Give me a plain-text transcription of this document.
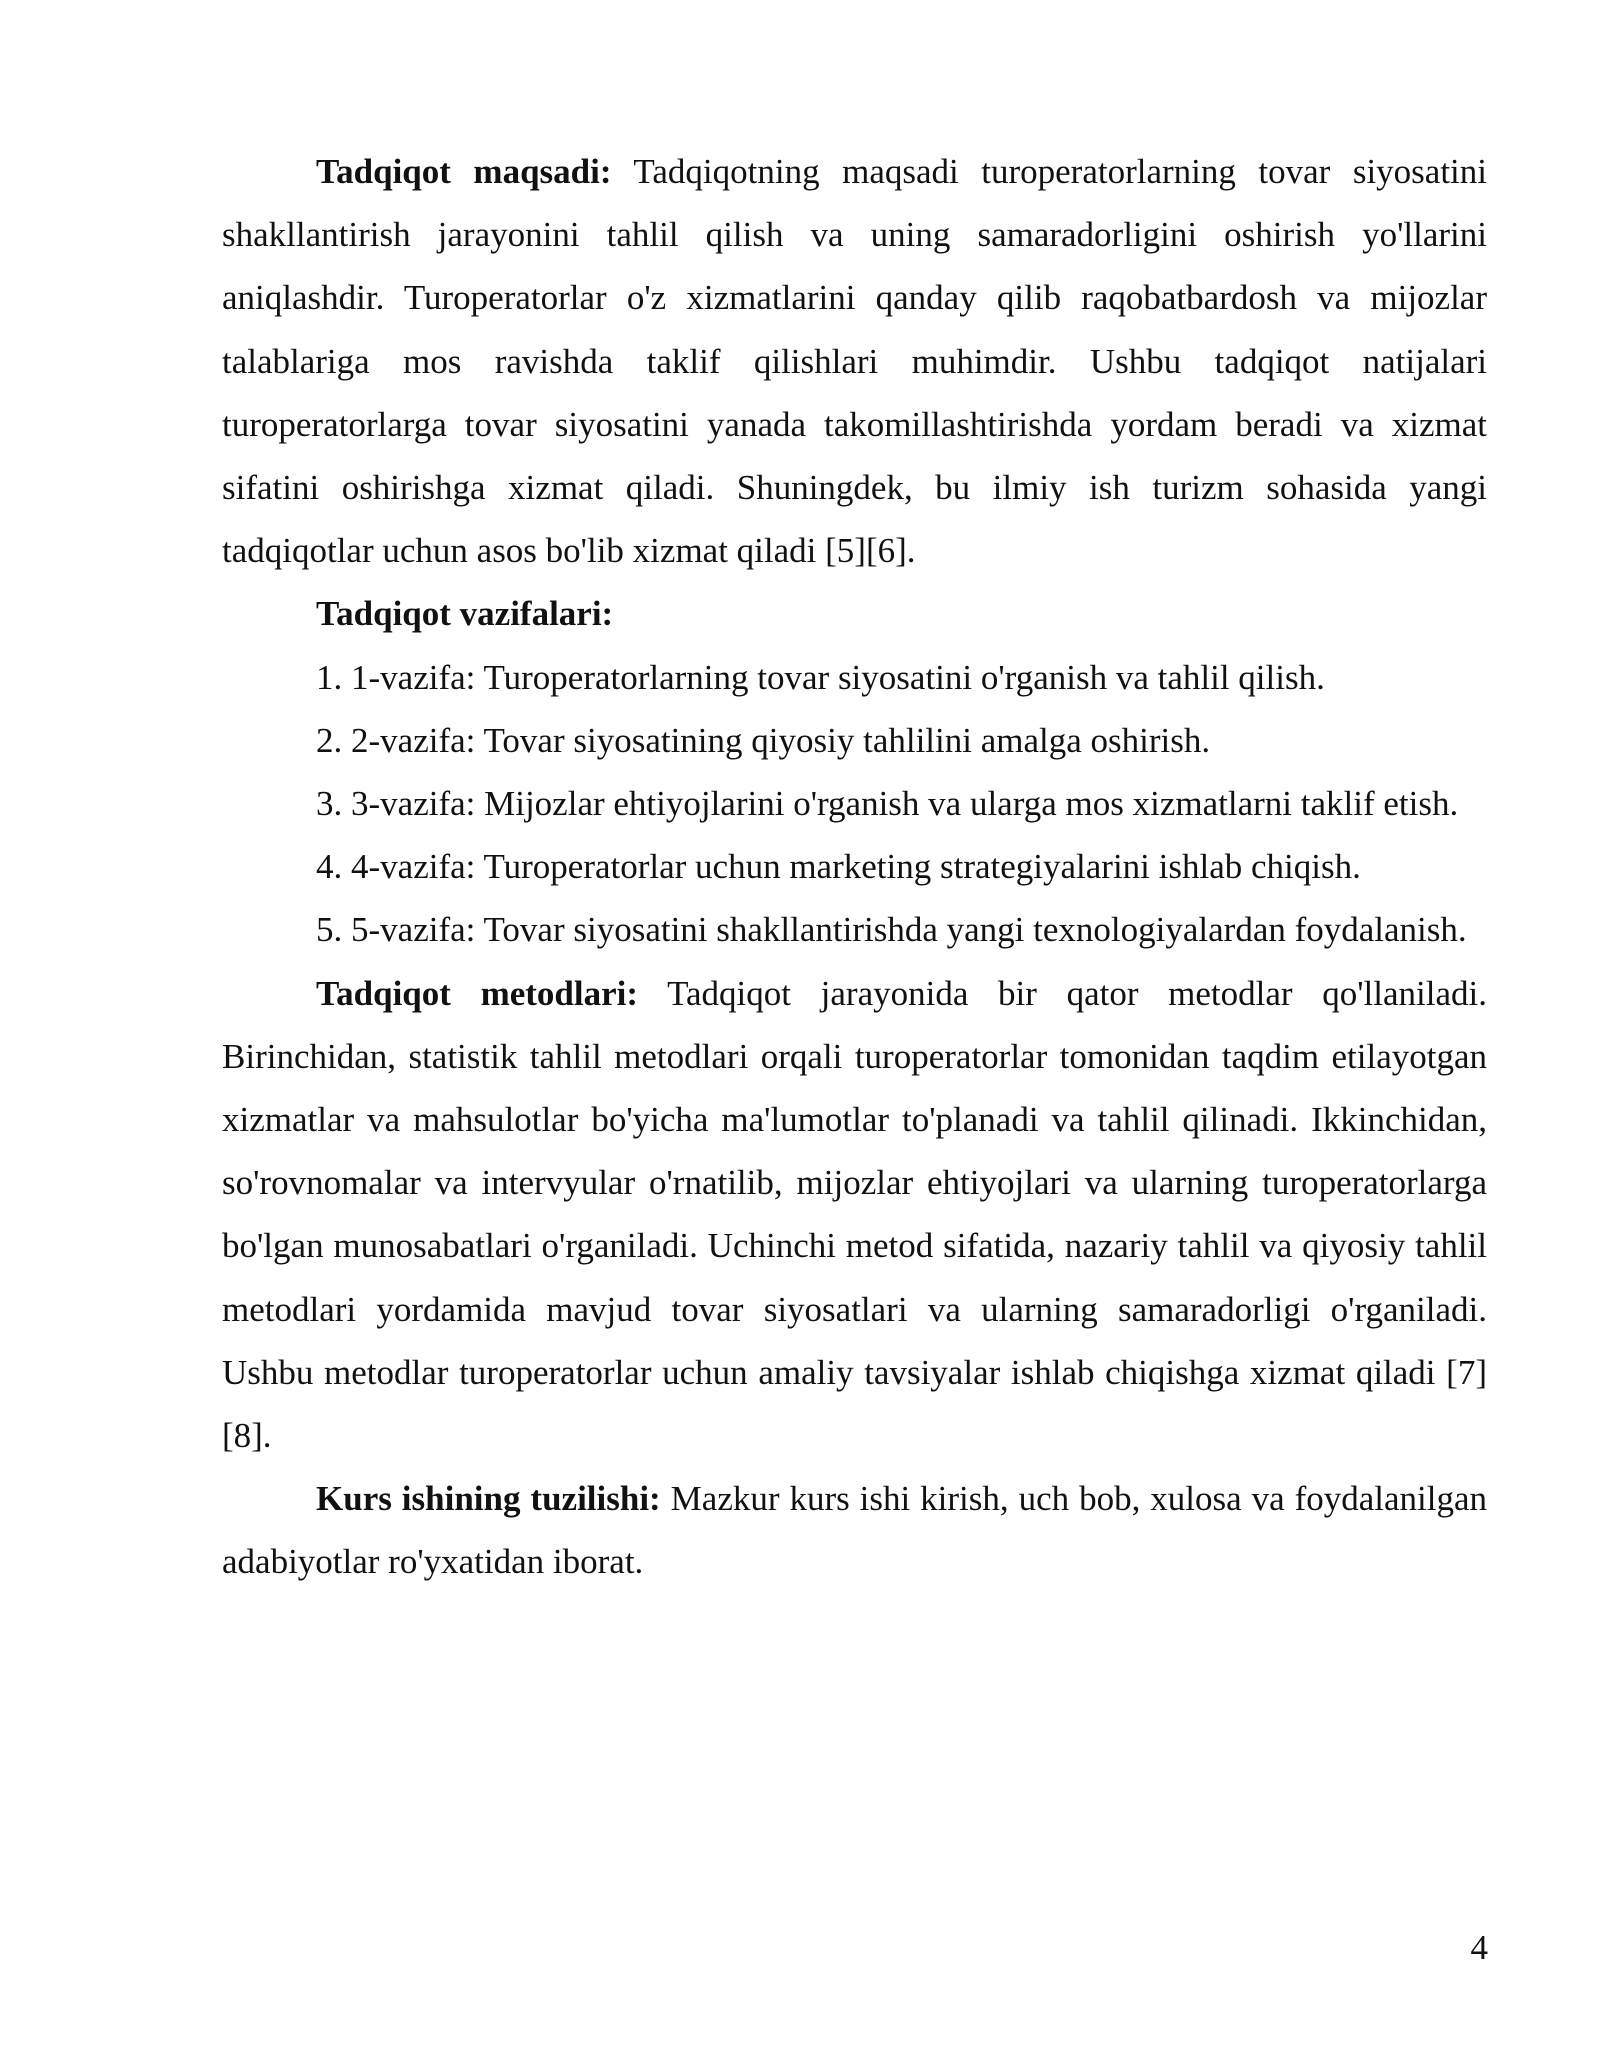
Tadqiqot maqsadi: Tadqiqotning maqsadi turoperatorlarning tovar siyosatini shakllantirish jarayonini tahlil qilish va uning samaradorligini oshirish yo'llarini aniqlashdir. Turoperatorlar o'z xizmatlarini qanday qilib raqobatbardosh va mijozlar talablariga mos ravishda taklif qilishlari muhimdir. Ushbu tadqiqot natijalari turoperatorlarga tovar siyosatini yanada takomillashtirishda yordam beradi va xizmat sifatini oshirishga xizmat qiladi. Shuningdek, bu ilmiy ish turizm sohasida yangi tadqiqotlar uchun asos bo'lib xizmat qiladi [5][6].

Tadqiqot vazifalari:

1. 1-vazifa: Turoperatorlarning tovar siyosatini o'rganish va tahlil qilish.

2. 2-vazifa: Tovar siyosatining qiyosiy tahlilini amalga oshirish.

3. 3-vazifa: Mijozlar ehtiyojlarini o'rganish va ularga mos xizmatlarni taklif etish.

4. 4-vazifa: Turoperatorlar uchun marketing strategiyalarini ishlab chiqish.

5. 5-vazifa: Tovar siyosatini shakllantirishda yangi texnologiyalardan foydalanish.

Tadqiqot metodlari: Tadqiqot jarayonida bir qator metodlar qo'llaniladi. Birinchidan, statistik tahlil metodlari orqali turoperatorlar tomonidan taqdim etilayotgan xizmatlar va mahsulotlar bo'yicha ma'lumotlar to'planadi va tahlil qilinadi. Ikkinchidan, so'rovnomalar va intervyular o'rnatilib, mijozlar ehtiyojlari va ularning turoperatorlarga bo'lgan munosabatlari o'rganiladi. Uchinchi metod sifatida, nazariy tahlil va qiyosiy tahlil metodlari yordamida mavjud tovar siyosatlari va ularning samaradorligi o'rganiladi. Ushbu metodlar turoperatorlar uchun amaliy tavsiyalar ishlab chiqishga xizmat qiladi [7][8].

Kurs ishining tuzilishi: Mazkur kurs ishi kirish, uch bob, xulosa va foydalanilgan adabiyotlar ro'yxatidan iborat.

4
